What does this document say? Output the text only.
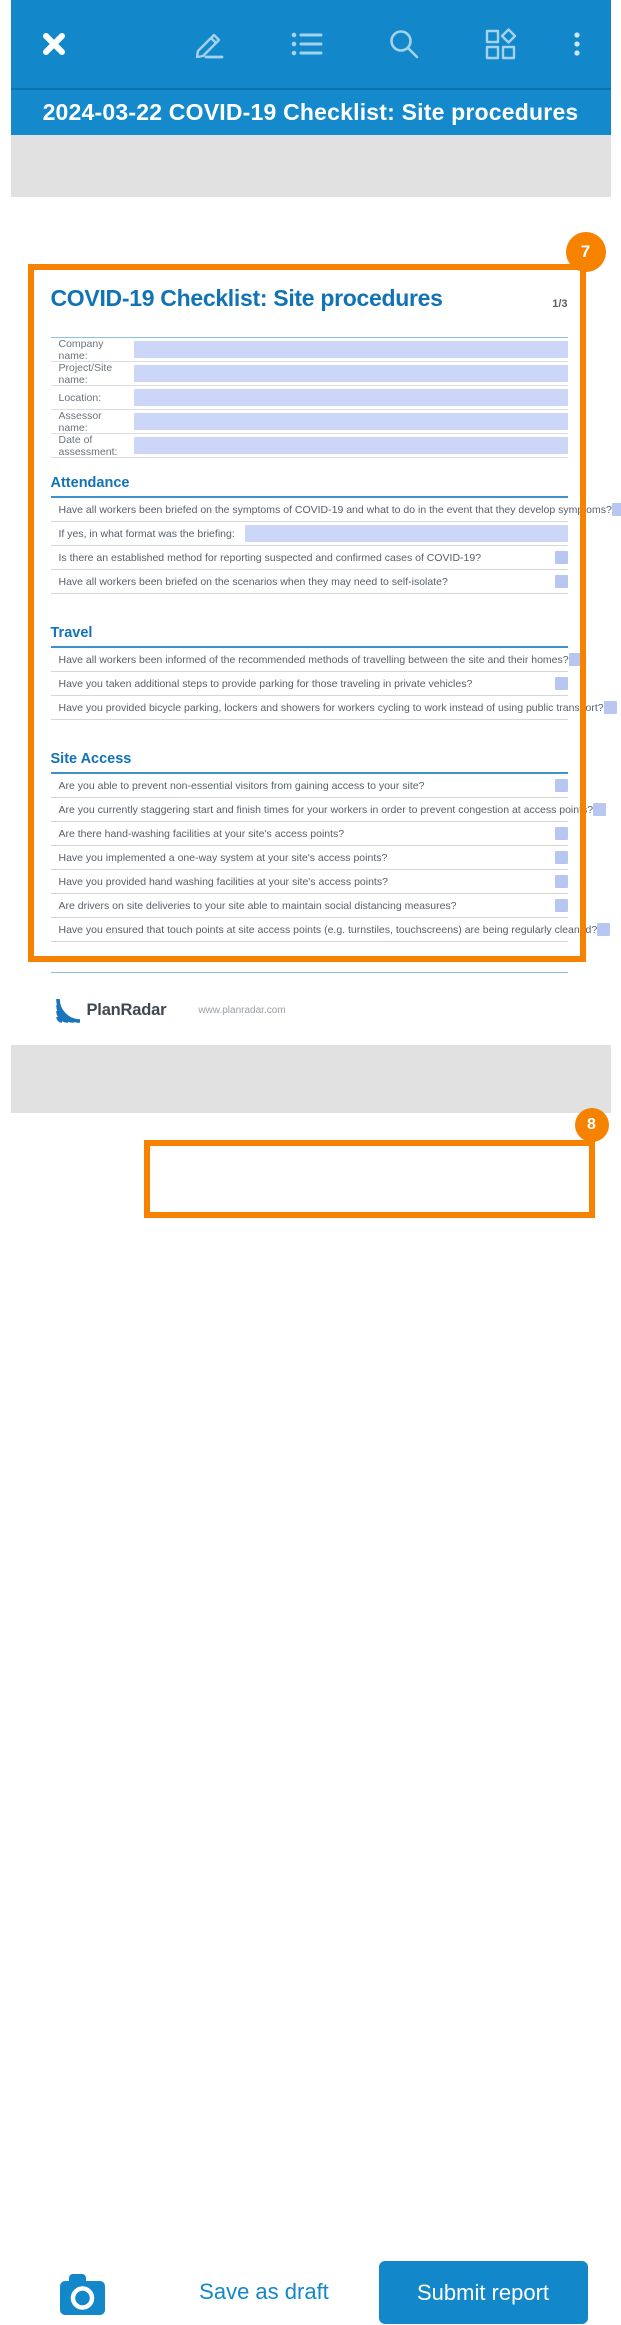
2024-03-22 COVID-19 Checklist: Site procedures
COVID-19 Checklist: Site procedures	1/3
Company name:
Project/Site name:
Location:
Assessor name:
Date of assessment:
Attendance
Have all workers been briefed on the symptoms of COVID-19 and what to do in the event that they develop symptoms?
If yes, in what format was the briefing:
Is there an established method for reporting suspected and confirmed cases of COVID-19?
Have all workers been briefed on the scenarios when they may need to self-isolate?
Travel
Have all workers been informed of the recommended methods of travelling between the site and their homes?
Have you taken additional steps to provide parking for those traveling in private vehicles?
Have you provided bicycle parking, lockers and showers for workers cycling to work instead of using public transport?
Site Access
Are you able to prevent non-essential visitors from gaining access to your site?
Are you currently staggering start and finish times for your workers in order to prevent congestion at access points?
Are there hand-washing facilities at your site's access points?
Have you implemented a one-way system at your site's access points?
Have you provided hand washing facilities at your site's access points?
Are drivers on site deliveries to your site able to maintain social distancing measures?
Have you ensured that touch points at site access points (e.g. turnstiles, touchscreens) are being regularly cleaned?
PlanRadar	www.planradar.com
Save as draft	Submit report
7
8
